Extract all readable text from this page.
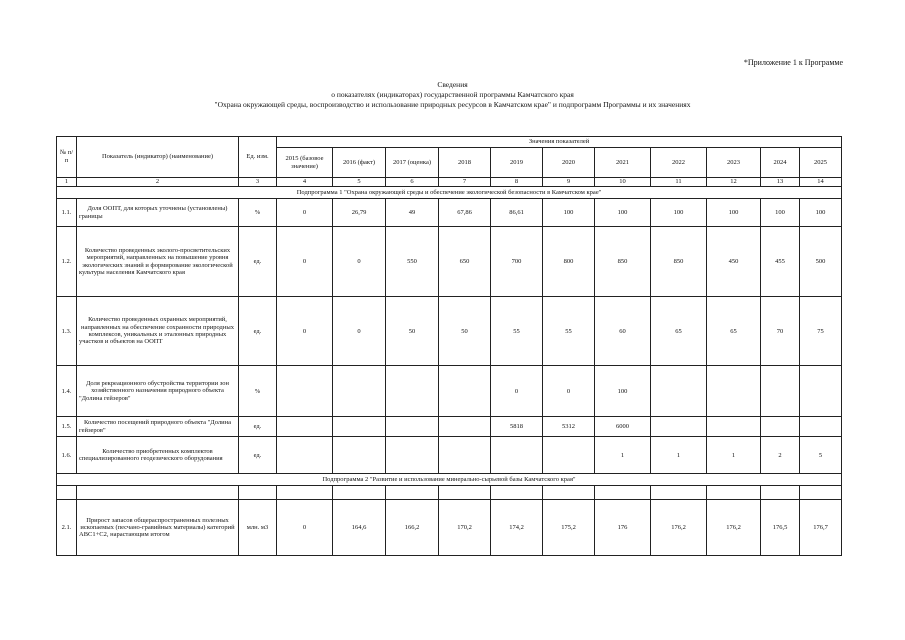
*Приложение 1 к Программе
Сведения
о показателях (индикаторах) государственной программы Камчатского края
"Охрана окружающей среды, воспроизводство и использование природных ресурсов в Камчатском крае" и подпрограмм Программы и их значениях
№ п/п	Показатель (индикатор) (наименование)	Ед. изм.	Значения показателей										
			2015 (базовое значение)	2016 (факт)	2017 (оценка)	2018	2019	2020	2021	2022	2023	2024	2025
1	2	3	4	5	6	7	8	9	10	11	12	13	14
Подпрограмма 1 "Охрана окружающей среды и обеспечение экологической безопасности в Камчатском крае"													
1.1.	Доля ООПТ, для которых уточнены (установлены) границы	%	0	26,79	49	67,86	86,61	100	100	100	100	100	100
1.2.	Количество проведенных эколого-просветительских мероприятий, направленных на повышение уровня экологических знаний и формирование экологической культуры населения Камчатского края	ед.	0	0	550	650	700	800	850	850	450	455	500
1.3.	Количество проведенных охранных мероприятий, направленных на обеспечение сохранности природных комплексов, уникальных и эталонных природных участков и объектов на ООПТ	ед.	0	0	50	50	55	55	60	65	65	70	75
1.4.	Доля рекреационного обустройства территории зон хозяйственного назначения природного объекта "Долина гейзеров"	%					0	0	100				
1.5.	Количество посещений природного объекта "Долина гейзеров"	ед.					5818	5312	6000				
1.6.	Количество приобретенных комплектов специализированного геодезического оборудования	ед.							1	1	1	2	5
Подпрограмма 2 "Развитие и использование минерально-сырьевой базы Камчатского края"													

2.1.	Прирост запасов общераспространенных полезных ископаемых (песчано-гравийных материалы) категорий ABC1+C2, нарастающим итогом	млн. м3	0	164,6	166,2	170,2	174,2	175,2	176	176,2	176,2	176,5	176,7
